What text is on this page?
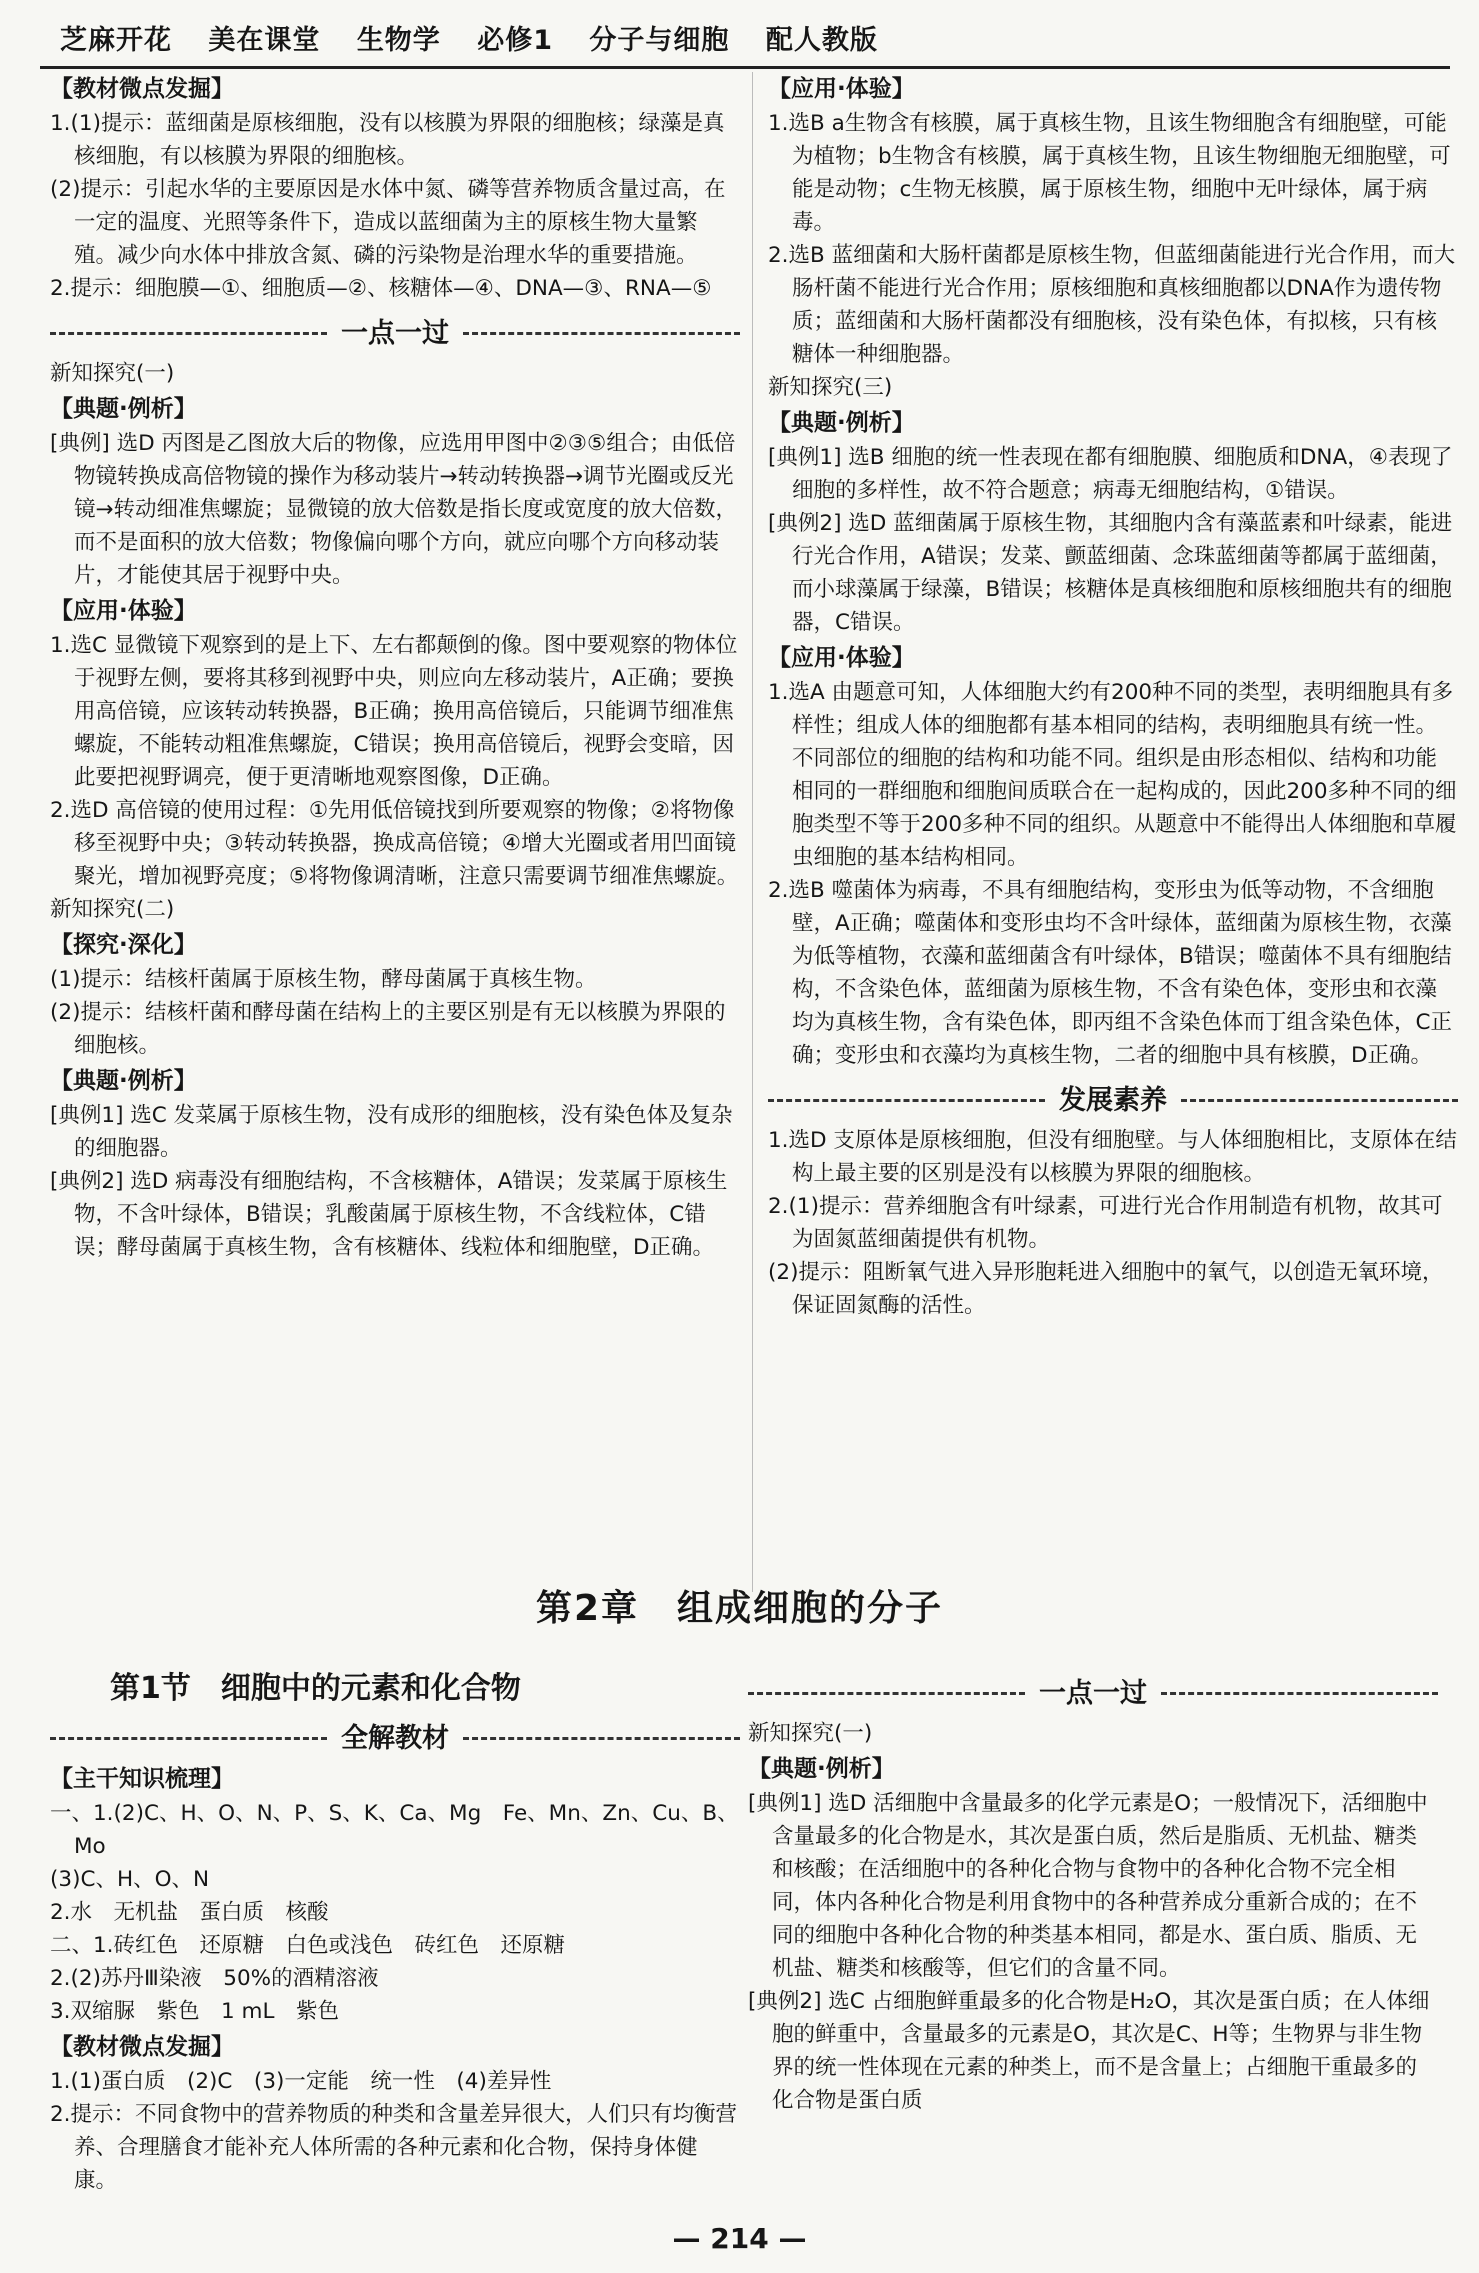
芝麻开花 美在课堂 生物学 必修1 分子与细胞 配人教版
【教材微点发掘】
1.(1)提示：蓝细菌是原核细胞，没有以核膜为界限的细胞核；绿藻是真核细胞，有以核膜为界限的细胞核。
(2)提示：引起水华的主要原因是水体中氮、磷等营养物质含量过高，在一定的温度、光照等条件下，造成以蓝细菌为主的原核生物大量繁殖。减少向水体中排放含氮、磷的污染物是治理水华的重要措施。
2.提示：细胞膜—①、细胞质—②、核糖体—④、DNA—③、RNA—⑤
一点一过
新知探究(一)
【典题·例析】
[典例] 选D 丙图是乙图放大后的物像，应选用甲图中②③⑤组合；由低倍物镜转换成高倍物镜的操作为移动装片→转动转换器→调节光圈或反光镜→转动细准焦螺旋；显微镜的放大倍数是指长度或宽度的放大倍数，而不是面积的放大倍数；物像偏向哪个方向，就应向哪个方向移动装片，才能使其居于视野中央。
【应用·体验】
1.选C 显微镜下观察到的是上下、左右都颠倒的像。图中要观察的物体位于视野左侧，要将其移到视野中央，则应向左移动装片，A正确；要换用高倍镜，应该转动转换器，B正确；换用高倍镜后，只能调节细准焦螺旋，不能转动粗准焦螺旋，C错误；换用高倍镜后，视野会变暗，因此要把视野调亮，便于更清晰地观察图像，D正确。
2.选D 高倍镜的使用过程：①先用低倍镜找到所要观察的物像；②将物像移至视野中央；③转动转换器，换成高倍镜；④增大光圈或者用凹面镜聚光，增加视野亮度；⑤将物像调清晰，注意只需要调节细准焦螺旋。
新知探究(二)
【探究·深化】
(1)提示：结核杆菌属于原核生物，酵母菌属于真核生物。
(2)提示：结核杆菌和酵母菌在结构上的主要区别是有无以核膜为界限的细胞核。
【典题·例析】
[典例1] 选C 发菜属于原核生物，没有成形的细胞核，没有染色体及复杂的细胞器。
[典例2] 选D 病毒没有细胞结构，不含核糖体，A错误；发菜属于原核生物，不含叶绿体，B错误；乳酸菌属于原核生物，不含线粒体，C错误；酵母菌属于真核生物，含有核糖体、线粒体和细胞壁，D正确。
【应用·体验】
1.选B a生物含有核膜，属于真核生物，且该生物细胞含有细胞壁，可能为植物；b生物含有核膜，属于真核生物，且该生物细胞无细胞壁，可能是动物；c生物无核膜，属于原核生物，细胞中无叶绿体，属于病毒。
2.选B 蓝细菌和大肠杆菌都是原核生物，但蓝细菌能进行光合作用，而大肠杆菌不能进行光合作用；原核细胞和真核细胞都以DNA作为遗传物质；蓝细菌和大肠杆菌都没有细胞核，没有染色体，有拟核，只有核糖体一种细胞器。
新知探究(三)
【典题·例析】
[典例1] 选B 细胞的统一性表现在都有细胞膜、细胞质和DNA，④表现了细胞的多样性，故不符合题意；病毒无细胞结构，①错误。
[典例2] 选D 蓝细菌属于原核生物，其细胞内含有藻蓝素和叶绿素，能进行光合作用，A错误；发菜、颤蓝细菌、念珠蓝细菌等都属于蓝细菌，而小球藻属于绿藻，B错误；核糖体是真核细胞和原核细胞共有的细胞器，C错误。
【应用·体验】
1.选A 由题意可知，人体细胞大约有200种不同的类型，表明细胞具有多样性；组成人体的细胞都有基本相同的结构，表明细胞具有统一性。不同部位的细胞的结构和功能不同。组织是由形态相似、结构和功能相同的一群细胞和细胞间质联合在一起构成的，因此200多种不同的细胞类型不等于200多种不同的组织。从题意中不能得出人体细胞和草履虫细胞的基本结构相同。
2.选B 噬菌体为病毒，不具有细胞结构，变形虫为低等动物，不含细胞壁，A正确；噬菌体和变形虫均不含叶绿体，蓝细菌为原核生物，衣藻为低等植物，衣藻和蓝细菌含有叶绿体，B错误；噬菌体不具有细胞结构，不含染色体，蓝细菌为原核生物，不含有染色体，变形虫和衣藻均为真核生物，含有染色体，即丙组不含染色体而丁组含染色体，C正确；变形虫和衣藻均为真核生物，二者的细胞中具有核膜，D正确。
发展素养
1.选D 支原体是原核细胞，但没有细胞壁。与人体细胞相比，支原体在结构上最主要的区别是没有以核膜为界限的细胞核。
2.(1)提示：营养细胞含有叶绿素，可进行光合作用制造有机物，故其可为固氮蓝细菌提供有机物。
(2)提示：阻断氧气进入异形胞耗进入细胞中的氧气，以创造无氧环境，保证固氮酶的活性。
第2章　组成细胞的分子
第1节　细胞中的元素和化合物
全解教材
【主干知识梳理】
一、1.(2)C、H、O、N、P、S、K、Ca、Mg　Fe、Mn、Zn、Cu、B、Mo
(3)C、H、O、N
2.水　无机盐　蛋白质　核酸
二、1.砖红色　还原糖　白色或浅色　砖红色　还原糖
2.(2)苏丹Ⅲ染液　50%的酒精溶液
3.双缩脲　紫色　1 mL　紫色
【教材微点发掘】
1.(1)蛋白质　(2)C　(3)一定能　统一性　(4)差异性
2.提示：不同食物中的营养物质的种类和含量差异很大，人们只有均衡营养、合理膳食才能补充人体所需的各种元素和化合物，保持身体健康。
一点一过
新知探究(一)
【典题·例析】
[典例1] 选D 活细胞中含量最多的化学元素是O；一般情况下，活细胞中含量最多的化合物是水，其次是蛋白质，然后是脂质、无机盐、糖类和核酸；在活细胞中的各种化合物与食物中的各种化合物不完全相同，体内各种化合物是利用食物中的各种营养成分重新合成的；在不同的细胞中各种化合物的种类基本相同，都是水、蛋白质、脂质、无机盐、糖类和核酸等，但它们的含量不同。
[典例2] 选C 占细胞鲜重最多的化合物是H₂O，其次是蛋白质；在人体细胞的鲜重中，含量最多的元素是O，其次是C、H等；生物界与非生物界的统一性体现在元素的种类上，而不是含量上；占细胞干重最多的化合物是蛋白质
— 214 —
